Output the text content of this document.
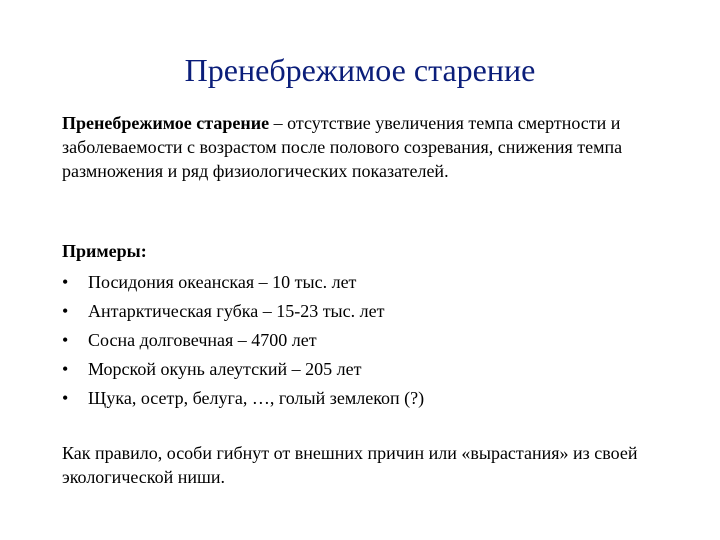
Пренебрежимое старение

Пренебрежимое старение – отсутствие увеличения темпа смертности и заболеваемости с возрастом после полового созревания, снижения темпа размножения и ряд физиологических показателей.

Примеры:

•	Посидония океанская – 10 тыс. лет
•	Антарктическая губка – 15-23 тыс. лет
•	Сосна долговечная – 4700 лет
•	Морской окунь алеутский – 205 лет
•	Щука, осетр, белуга, …, голый землекоп (?)

Как правило, особи гибнут от внешних причин или «вырастания» из своей экологической ниши.
